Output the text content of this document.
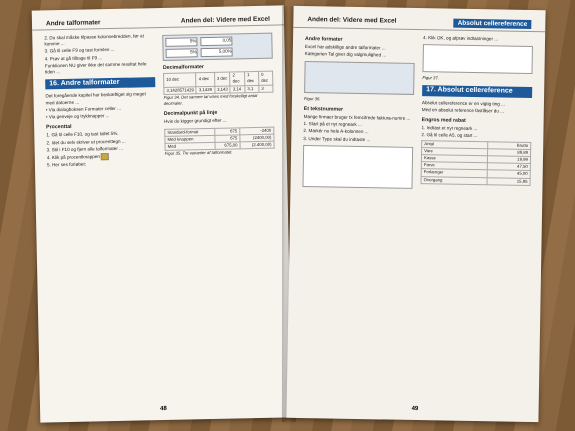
Andre talformater	Anden del: Videre med Excel
2. Du skal måske tilpasse kolonnebredden, før at komme ...
3. Gå til celle F9 og tast formlen ...
4. Prøv at gå tilbage til F9 ...
Funktionen NU giver ikke det samme resultat hele tiden ...
16. Andre talformater
Det foregående kapitel har beskæftiget sig meget med datoerne ...
• Via dialogboksen Formater celler ...
• Via genveje og trykknapper ...
Procenttal
1. Gå til celle F10, og tast tallet 5%.
2. Idet du selv skriver et procenttegn ...
3. Stil i F10 og fjern alle talformater ...
4. Klik på procentknappen
5. Her ses forløbet:
5%	0,05
5%	5,00%
Decimalformater
10 dec	4 dec	3 dec	2 dec	1 dec	0 dec
3,1428571429	3,1429	3,143	3,14	3,1	3
Figur 34. Det samme tal vises med forskelligt antal decimaler.
Decimalpunkt på linje
Hvis du kigger grundigt efter ...
Standard-format	675	-2400
Med knappen	675	(2400,00)
Med	675,00	(2.400,00)
Figur 35. Tre varianter af talformatet.
48
Anden del: Videre med Excel	Absolut cellereference
Andre formater
Excel har adskillige andre talformater ...
Kategorien Tal giver dig valgmulighed ...
Figur 36.
Et tekstnummer
Mange firmaer bruger fx femcifrede faktura-numre ...
1. Start på et nyt regneark ...
2. Markér nu hele A-kolonnen ...
3. Under Type skal du indtaste ...
4. Klik OK, og afprøv indtastninger ...
Figur 37.
17. Absolut cellereference
Absolut cellereference er en vigtig ting ...
Med en absolut reference fastlåser du ...
Engros med rabat
1. Indtast et nyt regneark ...
2. Gå til celle A5, og start ...
Antal	Brutto
Vare	89,89
Kasse	19,99
Farve	47,50
Forlænger	45,00
Overgang	15,95
49
